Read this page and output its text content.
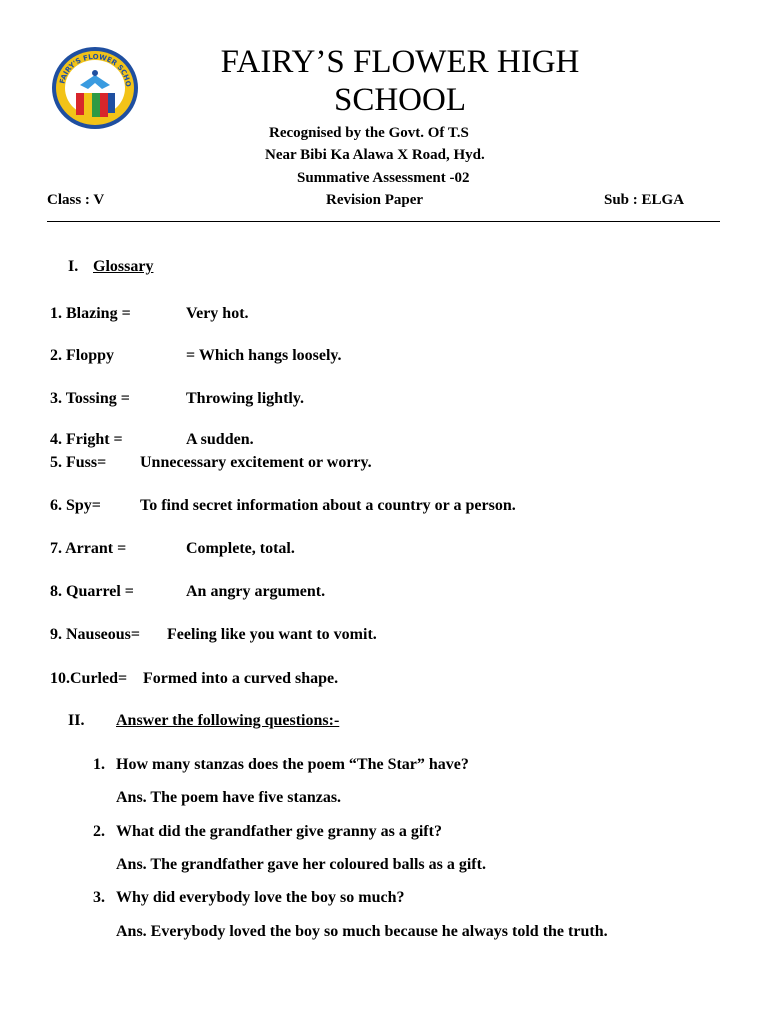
FAIRY'S FLOWER SCHO
FAIRY’S FLOWER HIGH
SCHOOL
Recognised by the Govt. Of T.S
Near Bibi Ka Alawa X Road, Hyd.
Summative Assessment -02
Class : V	Revision Paper	Sub : ELGA
I. Glossary
1. Blazing =	Very hot.
2. Floppy	= Which hangs loosely.
3. Tossing =	Throwing lightly.
4. Fright =	A sudden.
5. Fuss= Unnecessary excitement or worry.
6. Spy= To find secret information about a country or a person.
7. Arrant =	Complete, total.
8. Quarrel =	An angry argument.
9. Nauseous= Feeling like you want to vomit.
10.Curled= Formed into a curved shape.
II. Answer the following questions:-
1. How many stanzas does the poem “The Star” have?
Ans. The poem have five stanzas.
2. What did the grandfather give granny as a gift?
Ans. The grandfather gave her coloured balls as a gift.
3. Why did everybody love the boy so much?
Ans. Everybody loved the boy so much because he always told the truth.
